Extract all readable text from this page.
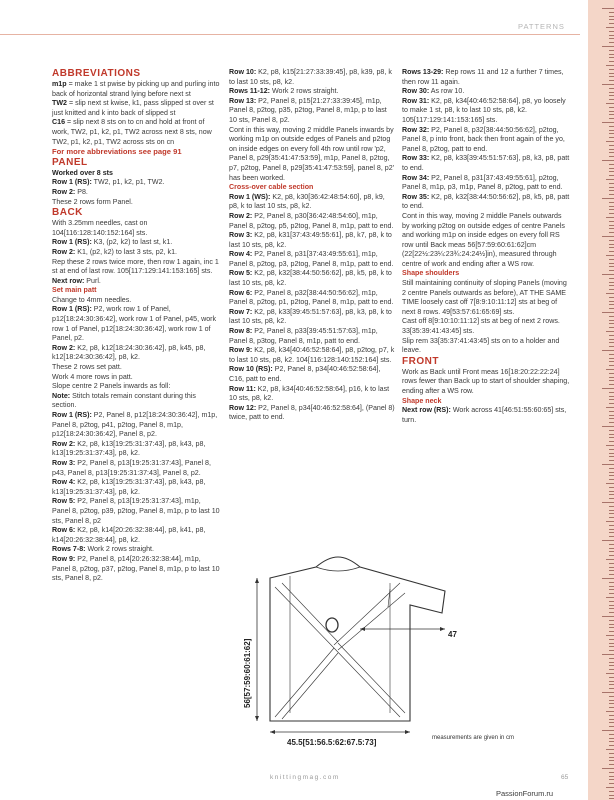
PATTERNS

ABBREVIATIONS

m1p = make 1 st pwise by picking up and purling into back of horizontal strand lying before next st

TW2 = slip next st kwise, k1, pass slipped st over st just knitted and k into back of slipped st

C16 = slip next 8 sts on to cn and hold at front of work, TW2, p1, k2, p1, TW2 across next 8 sts, now TW2, p1, k2, p1, TW2 across sts on cn

For more abbreviations see page 91

PANEL

Worked over 8 sts

Row 1 (RS): TW2, p1, k2, p1, TW2.

Row 2: P8.

These 2 rows form Panel.

BACK

With 3.25mm needles, cast on 104[116:128:140:152:164] sts.

Row 1 (RS): K3, (p2, k2) to last st, k1.

Row 2: K1, (p2, k2) to last 3 sts, p2, k1.

Rep these 2 rows twice more, then row 1 again, inc 1 st at end of last row. 105[117:129:141:153:165] sts.

Next row: Purl.

Set main patt

Change to 4mm needles.

Row 1 (RS): P2, work row 1 of Panel, p12[18:24:30:36:42], work row 1 of Panel, p45, work row 1 of Panel, p12[18:24:30:36:42], work row 1 of Panel, p2.

Row 2: K2, p8, k12[18:24:30:36:42], p8, k45, p8, k12[18:24:30:36:42], p8, k2.

These 2 rows set patt.

Work 4 more rows in patt.

Slope centre 2 Panels inwards as foll:

Note: Stitch totals remain constant during this section.

Row 1 (RS): P2, Panel 8, p12[18:24:30:36:42], m1p, Panel 8, p2tog, p41, p2tog, Panel 8, m1p, p12[18:24:30:36:42], Panel 8, p2.

Row 2: K2, p8, k13[19:25:31:37:43], p8, k43, p8, k13[19:25:31:37:43], p8, k2.

Row 3: P2, Panel 8, p13[19:25:31:37:43], Panel 8, p43, Panel 8, p13[19:25:31:37:43], Panel 8, p2.

Row 4: K2, p8, k13[19:25:31:37:43], p8, k43, p8, k13[19:25:31:37:43], p8, k2.

Row 5: P2, Panel 8, p13[19:25:31:37:43], m1p, Panel 8, p2tog, p39, p2tog, Panel 8, m1p, p to last 10 sts, Panel 8, p2

Row 6: K2, p8, k14[20:26:32:38:44], p8, k41, p8, k14[20:26:32:38:44], p8, k2.

Rows 7-8: Work 2 rows straight.

Row 9: P2, Panel 8, p14[20:26:32:38:44], m1p, Panel 8, p2tog, p37, p2tog, Panel 8, m1p, p to last 10 sts, Panel 8, p2.

Row 10: K2, p8, k15[21:27:33:39:45], p8, k39, p8, k to last 10 sts, p8, k2.

Rows 11-12: Work 2 rows straight.

Row 13: P2, Panel 8, p15[21:27:33:39:45], m1p, Panel 8, p2tog, p35, p2tog, Panel 8, m1p, p to last 10 sts, Panel 8, p2.

Cont in this way, moving 2 middle Panels inwards by working m1p on outside edges of Panels and p2tog on inside edges on every foll 4th row until row 'p2, Panel 8, p29[35:41:47:53:59], m1p, Panel 8, p2tog, p7, p2tog, Panel 8, p29[35:41:47:53:59], panel 8, p2' has been worked.

Cross-over cable section

Row 1 (WS): K2, p8, k30[36:42:48:54:60], p8, k9, p8, k to last 10 sts, p8, k2.

Row 2: P2, Panel 8, p30[36:42:48:54:60], m1p, Panel 8, p2tog, p5, p2tog, Panel 8, m1p, patt to end.

Row 3: K2, p8, k31[37:43:49:55:61], p8, k7, p8, k to last 10 sts, p8, k2.

Row 4: P2, Panel 8, p31[37:43:49:55:61], m1p, Panel 8, p2tog, p3, p2tog, Panel 8, m1p, patt to end.

Row 5: K2, p8, k32[38:44:50:56:62], p8, k5, p8, k to last 10 sts, p8, k2.

Row 6: P2, Panel 8, p32[38:44:50:56:62], m1p, Panel 8, p2tog, p1, p2tog, Panel 8, m1p, patt to end.

Row 7: K2, p8, k33[39:45:51:57:63], p8, k3, p8, k to last 10 sts, p8, k2.

Row 8: P2, Panel 8, p33[39:45:51:57:63], m1p, Panel 8, p3tog, Panel 8, m1p, patt to end.

Row 9: K2, p8, k34[40:46:52:58:64], p8, p2tog, p7, k to last 10 sts, p8, k2. 104[116:128:140:152:164] sts.

Row 10 (RS): P2, Panel 8, p34[40:46:52:58:64], C16, patt to end.

Row 11: K2, p8, k34[40:46:52:58:64], p16, k to last 10 sts, p8, k2.

Row 12: P2, Panel 8, p34[40:46:52:58:64], (Panel 8) twice, patt to end.

Rows 13-29: Rep rows 11 and 12 a further 7 times, then row 11 again.

Row 30: As row 10.

Row 31: K2, p8, k34[40:46:52:58:64], p8, yo loosely to make 1 st, p8, k to last 10 sts, p8, k2. 105[117:129:141:153:165] sts.

Row 32: P2, Panel 8, p32[38:44:50:56:62], p2tog, Panel 8, p into front, back then front again of the yo, Panel 8, p2tog, patt to end.

Row 33: K2, p8, k33[39:45:51:57:63], p8, k3, p8, patt to end.

Row 34: P2, Panel 8, p31[37:43:49:55:61], p2tog, Panel 8, m1p, p3, m1p, Panel 8, p2tog, patt to end.

Row 35: K2, p8, k32[38:44:50:56:62], p8, k5, p8, patt to end.

Cont in this way, moving 2 middle Panels outwards by working p2tog on outside edges of centre Panels and working m1p on inside edges on every foll RS row until Back meas 56[57:59:60:61:62]cm (22[22½:23¼:23¾:24:24½]in), measured through centre of work and ending after a WS row.

Shape shoulders

Still maintaining continuity of sloping Panels (moving 2 centre Panels outwards as before), AT THE SAME TIME loosely cast off 7[8:9:10:11:12] sts at beg of next 8 rows. 49[53:57:61:65:69] sts.

Cast off 8[9:10:10:11:12] sts at beg of next 2 rows. 33[35:39:41:43:45] sts.

Slip rem 33[35:37:41:43:45] sts on to a holder and leave.

FRONT

Work as Back until Front meas 16[18:20:22:22:24] rows fewer than Back up to start of shoulder shaping, ending after a WS row.

Shape neck

Next row (RS): Work across 41[46:51:55:60:65] sts, turn.

47
45.5[51:56.5:62:67.5:73]
56[57:59:60:61:62]
measurements are given in cm
knittingmag.com	65
PassionForum.ru
